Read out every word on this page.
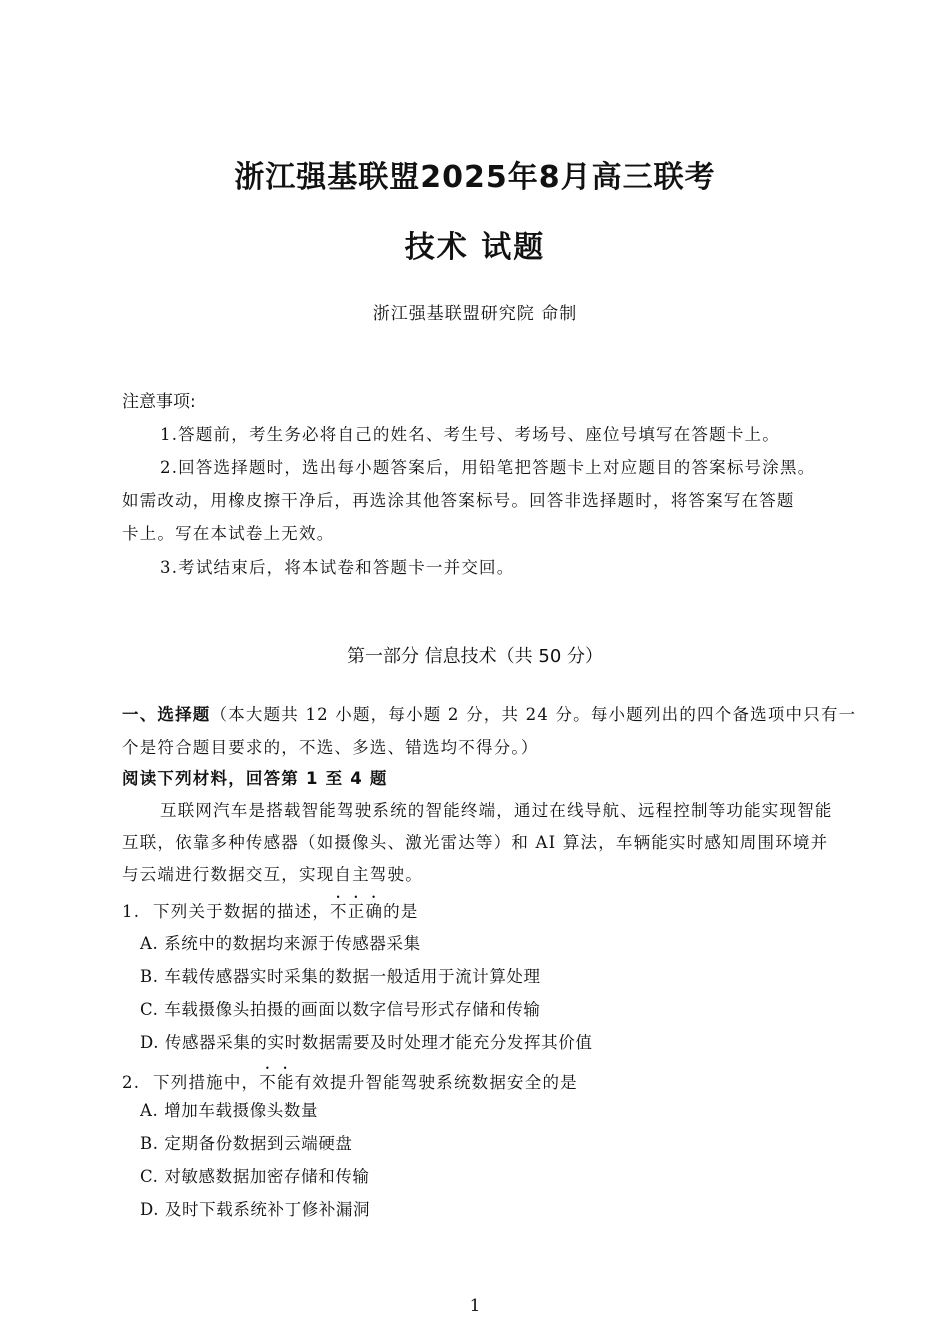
浙江强基联盟2025年8月高三联考
技术 试题
浙江强基联盟研究院 命制
注意事项:
1.答题前，考生务必将自己的姓名、考生号、考场号、座位号填写在答题卡上。
2.回答选择题时，选出每小题答案后，用铅笔把答题卡上对应题目的答案标号涂黑。
如需改动，用橡皮擦干净后，再选涂其他答案标号。回答非选择题时，将答案写在答题
卡上。写在本试卷上无效。
3.考试结束后，将本试卷和答题卡一并交回。
第一部分 信息技术（共 50 分）
一、选择题（本大题共 12 小题，每小题 2 分，共 24 分。每小题列出的四个备选项中只有一
个是符合题目要求的，不选、多选、错选均不得分。）
阅读下列材料，回答第 1 至 4 题
互联网汽车是搭载智能驾驶系统的智能终端，通过在线导航、远程控制等功能实现智能
互联，依靠多种传感器（如摄像头、激光雷达等）和 AI 算法，车辆能实时感知周围环境并
与云端进行数据交互，实现自主驾驶。
1. 下列关于数据的描述，不正确的是
A. 系统中的数据均来源于传感器采集
B. 车载传感器实时采集的数据一般适用于流计算处理
C. 车载摄像头拍摄的画面以数字信号形式存储和传输
D. 传感器采集的实时数据需要及时处理才能充分发挥其价值
2. 下列措施中，不能有效提升智能驾驶系统数据安全的是
A. 增加车载摄像头数量
B. 定期备份数据到云端硬盘
C. 对敏感数据加密存储和传输
D. 及时下载系统补丁修补漏洞
1
